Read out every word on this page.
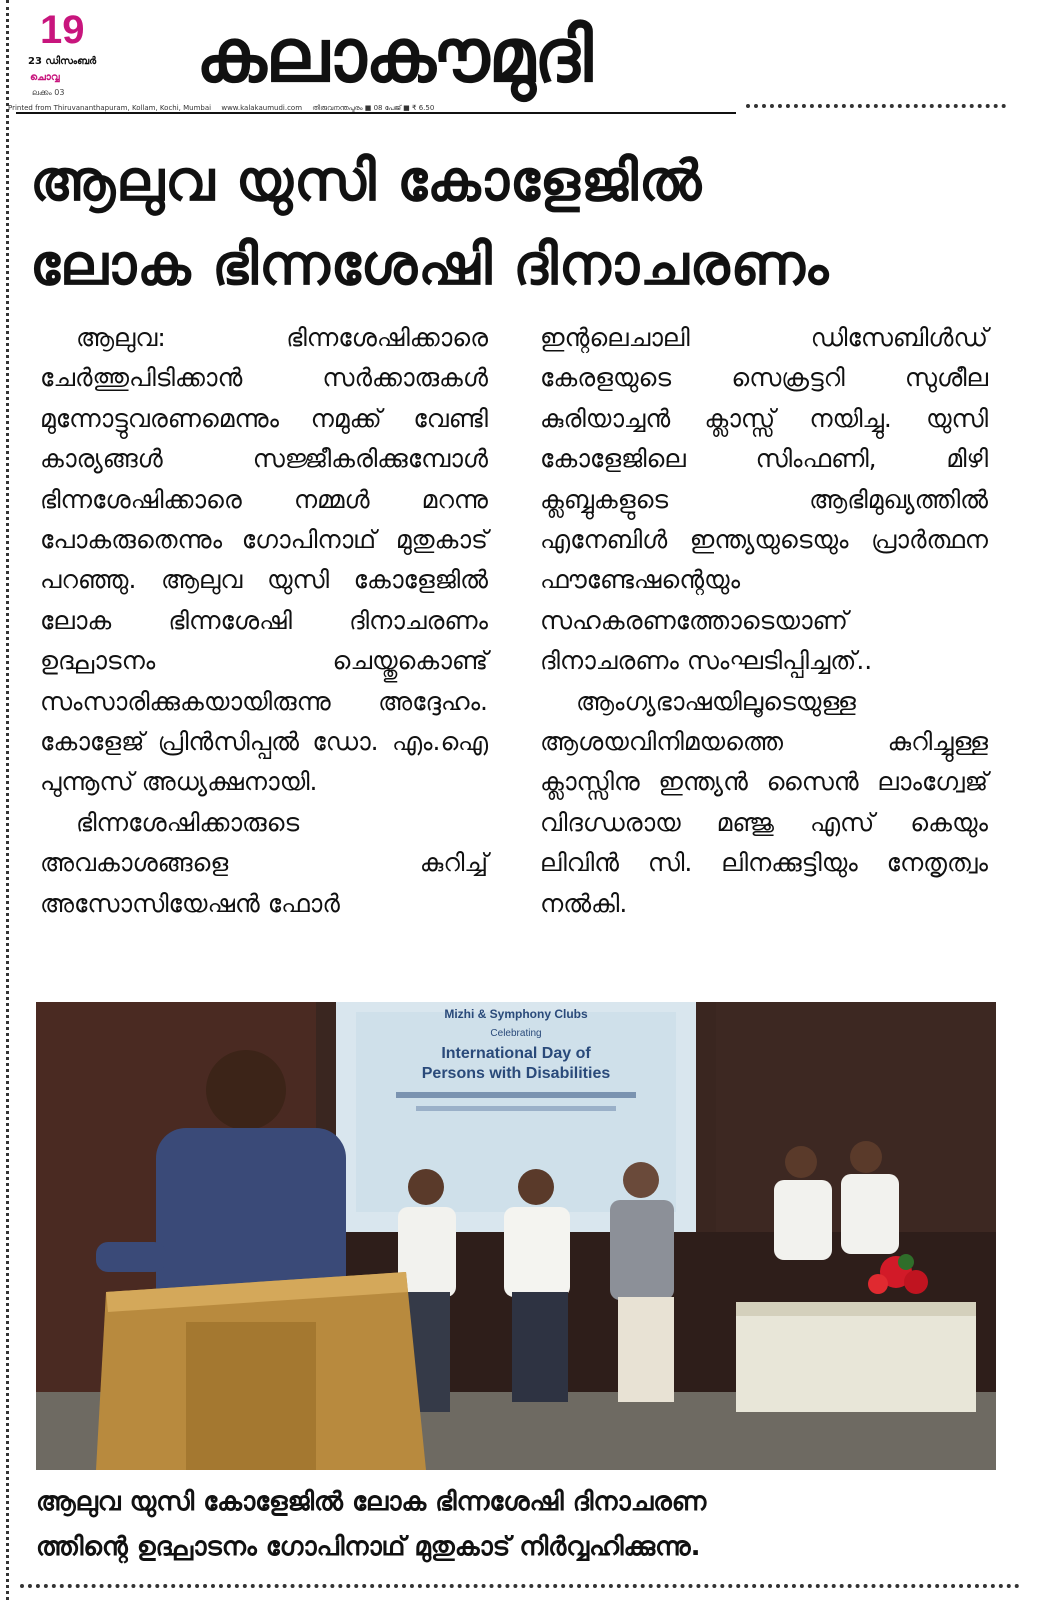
19
23 ഡിസംബർ
ചൊവ്വ
ലക്കം 03 കലാകൗമുദി
Printed from Thiruvananthapuram, Kollam, Kochi, Mumbai www.kalakaumudi.com തിരുവനന്തപുരം ■ 08 പേജ് ■ ₹ 6.50
ആലുവ യുസി കോളേജിൽ
ലോക ഭിന്നശേഷി ദിനാചരണം

ആലുവ: ഭിന്നശേഷിക്കാരെ ചേർത്തുപിടിക്കാൻ സർക്കാരുകൾ മുന്നോട്ടുവരണമെന്നും നമുക്ക് വേണ്ടി കാര്യങ്ങൾ സജ്ജീകരിക്കുമ്പോൾ ഭിന്നശേഷിക്കാരെ നമ്മൾ മറന്നു പോകരുതെന്നും ഗോപിനാഥ് മുതുകാട് പറഞ്ഞു. ആലുവ യുസി കോളേജിൽ ലോക ഭിന്നശേഷി ദിനാചരണം ഉദ്ഘാടനം ചെയ്തുകൊണ്ട് സംസാരിക്കുകയായിരുന്നു അദ്ദേഹം. കോളേജ് പ്രിൻസിപ്പൽ ഡോ. എം.ഐ പുന്നൂസ് അധ്യക്ഷനായി.

ഭിന്നശേഷിക്കാരുടെ അവകാശങ്ങളെ കുറിച്ച് അസോസിയേഷൻ ഫോർ

ഇന്റലെചാലി ഡിസേബിൾഡ് കേരളയുടെ സെക്രട്ടറി സുശീല കുരിയാച്ചൻ ക്ലാസ്സ് നയിച്ചു. യുസി കോളേജിലെ സിംഫണി, മിഴി ക്ലബ്ബുകളുടെ ആഭിമുഖ്യത്തിൽ എനേബിൾ ഇന്ത്യയുടെയും പ്രാർത്ഥന ഫൗണ്ടേഷന്റെയും സഹകരണത്തോടെയാണ് ദിനാചരണം സംഘടിപ്പിച്ചത്..

ആംഗ്യഭാഷയിലൂടെയുള്ള ആശയവിനിമയത്തെ കുറിച്ചുള്ള ക്ലാസ്സിനു ഇന്ത്യൻ സൈൻ ലാംഗ്വേജ് വിദഗ്ധരായ മഞ്ജു എസ് കെയും ലിവിൻ സി. ലിനക്കുട്ടിയും നേതൃത്വം നൽകി.

Mizhi & Symphony Clubs
Celebrating
International Day of
Persons with Disabilities
ആലുവ യുസി കോളേജിൽ ലോക ഭിന്നശേഷി ദിനാചരണ
ത്തിന്റെ ഉദ്ഘാടനം ഗോപിനാഥ് മുതുകാട് നിർവ്വഹിക്കുന്നു.
